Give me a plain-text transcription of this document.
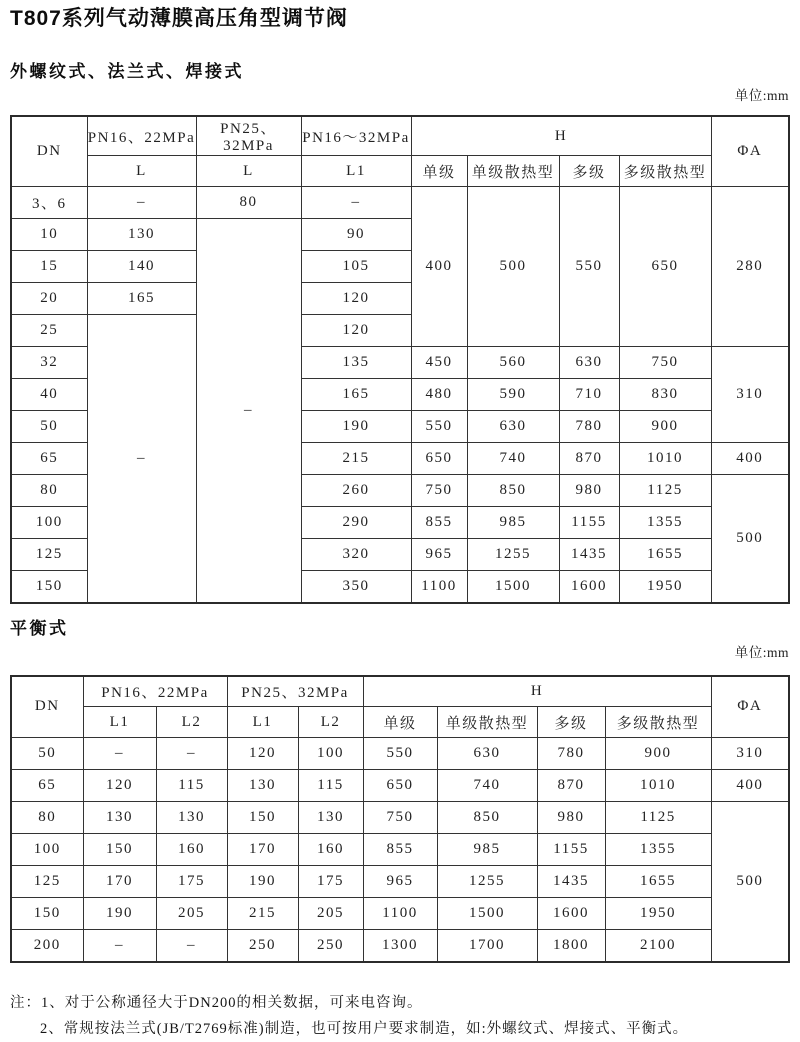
T807系列气动薄膜高压角型调节阀
外螺纹式、法兰式、焊接式
单位:mm
DN	PN16、22MPa	PN25、32MPa	PN16～32MPa	H				ΦA
	L	L	L1	单级	单级散热型	多级	多级散热型	
3、6	–	80	–	400	500	550	650	280
10	130	–	90					
15	140		105					
20	165		120					
25	–		120					
32			135	450	560	630	750	310
40			165	480	590	710	830	
50			190	550	630	780	900	
65			215	650	740	870	1010	400
80			260	750	850	980	1125	500
100			290	855	985	1155	1355	
125			320	965	1255	1435	1655	
150			350	1100	1500	1600	1950	
平衡式
单位:mm
DN	PN16、22MPa		PN25、32MPa		H				ΦA
	L1	L2	L1	L2	单级	单级散热型	多级	多级散热型	
50	–	–	120	100	550	630	780	900	310
65	120	115	130	115	650	740	870	1010	400
80	130	130	150	130	750	850	980	1125	500
100	150	160	170	160	855	985	1155	1355	
125	170	175	190	175	965	1255	1435	1655	
150	190	205	215	205	1100	1500	1600	1950	
200	–	–	250	250	1300	1700	1800	2100	
注：1、对于公称通径大于DN200的相关数据，可来电咨询。
2、常规按法兰式(JB/T2769标准)制造，也可按用户要求制造，如:外螺纹式、焊接式、平衡式。
